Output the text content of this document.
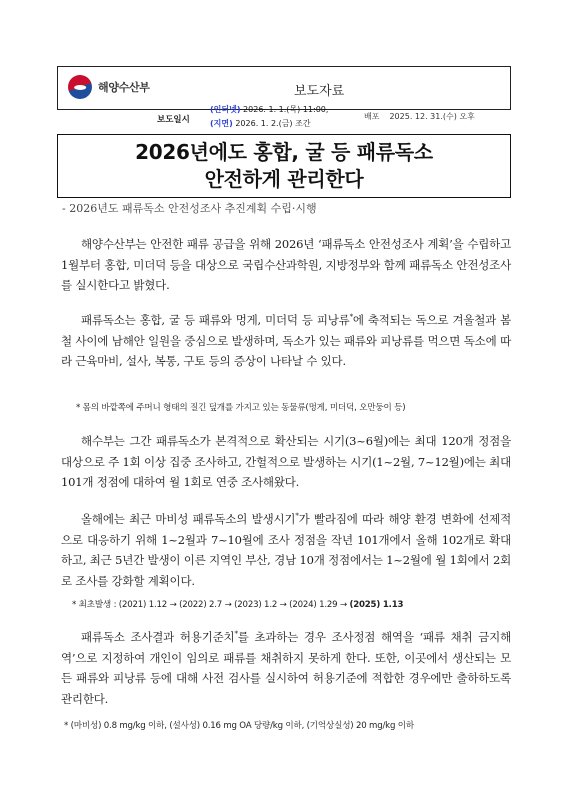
해양수산부	보도자료
보도일시
(인터넷) 2026. 1. 1.(목) 11:00,
(지면) 2026. 1. 2.(금) 조간
배포 2025. 12. 31.(수) 오후
2026년에도 홍합, 굴 등 패류독소
안전하게 관리한다
- 2026년도 패류독소 안전성조사 추진계획 수립·시행
해양수산부는 안전한 패류 공급을 위해 2026년 ‘패류독소 안전성조사 계획’을 수립하고 1월부터 홍합, 미더덕 등을 대상으로 국립수산과학원, 지방정부와 함께 패류독소 안전성조사를 실시한다고 밝혔다.
패류독소는 홍합, 굴 등 패류와 멍게, 미더덕 등 피낭류*에 축적되는 독으로 겨울철과 봄철 사이에 남해안 일원을 중심으로 발생하며, 독소가 있는 패류와 피낭류를 먹으면 독소에 따라 근육마비, 설사, 복통, 구토 등의 증상이 나타날 수 있다.
* 몸의 바깥쪽에 주머니 형태의 질긴 덮개를 가지고 있는 동물류(멍게, 미더덕, 오만둥이 등)
해수부는 그간 패류독소가 본격적으로 확산되는 시기(3~6월)에는 최대 120개 정점을 대상으로 주 1회 이상 집중 조사하고, 간헐적으로 발생하는 시기(1~2월, 7~12월)에는 최대 101개 정점에 대하여 월 1회로 연중 조사해왔다.
올해에는 최근 마비성 패류독소의 발생시기*가 빨라짐에 따라 해양 환경 변화에 선제적으로 대응하기 위해 1~2월과 7~10월에 조사 정점을 작년 101개에서 올해 102개로 확대하고, 최근 5년간 발생이 이른 지역인 부산, 경남 10개 정점에서는 1~2월에 월 1회에서 2회로 조사를 강화할 계획이다.
* 최초발생 : (2021) 1.12 → (2022) 2.7 → (2023) 1.2 → (2024) 1.29 → (2025) 1.13
패류독소 조사결과 허용기준치*를 초과하는 경우 조사정점 해역을 ‘패류 채취 금지해역’으로 지정하여 개인이 임의로 패류를 채취하지 못하게 한다. 또한, 이곳에서 생산되는 모든 패류와 피낭류 등에 대해 사전 검사를 실시하여 허용기준에 적합한 경우에만 출하하도록 관리한다.
* (마비성) 0.8 mg/kg 이하, (설사성) 0.16 mg OA 당량/kg 이하, (기억상실성) 20 mg/kg 이하
